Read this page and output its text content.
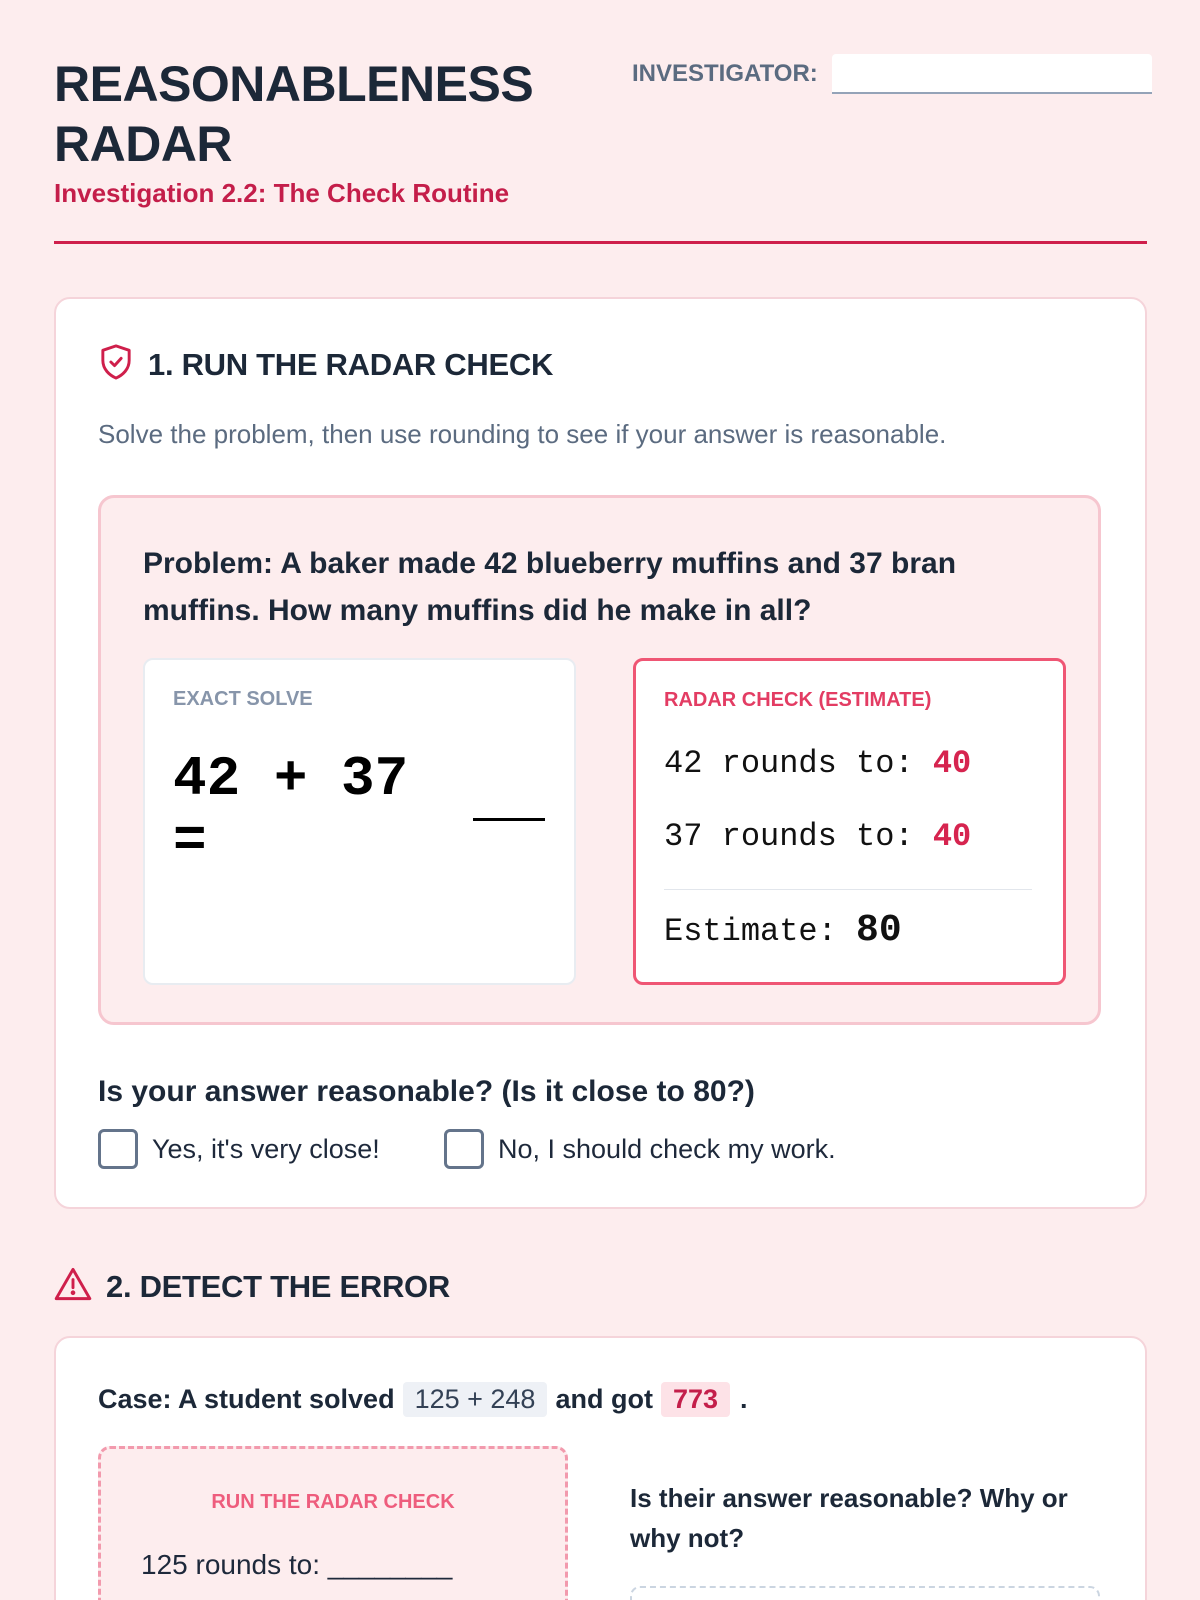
REASONABLENESS RADAR
Investigation 2.2: The Check Routine
INVESTIGATOR:
1. RUN THE RADAR CHECK
Solve the problem, then use rounding to see if your answer is reasonable.
Problem: A baker made 42 blueberry muffins and 37 bran muffins. How many muffins did he make in all?
EXACT SOLVE
42 + 37 =
RADAR CHECK (ESTIMATE)
42 rounds to: 40
37 rounds to: 40
Estimate: 80
Is your answer reasonable? (Is it close to 80?)
Yes, it's very close!	No, I should check my work.
2. DETECT THE ERROR
Case: A student solved 125 + 248 and got 773 .
RUN THE RADAR CHECK
125 rounds to: ________
Is their answer reasonable? Why or why not?
